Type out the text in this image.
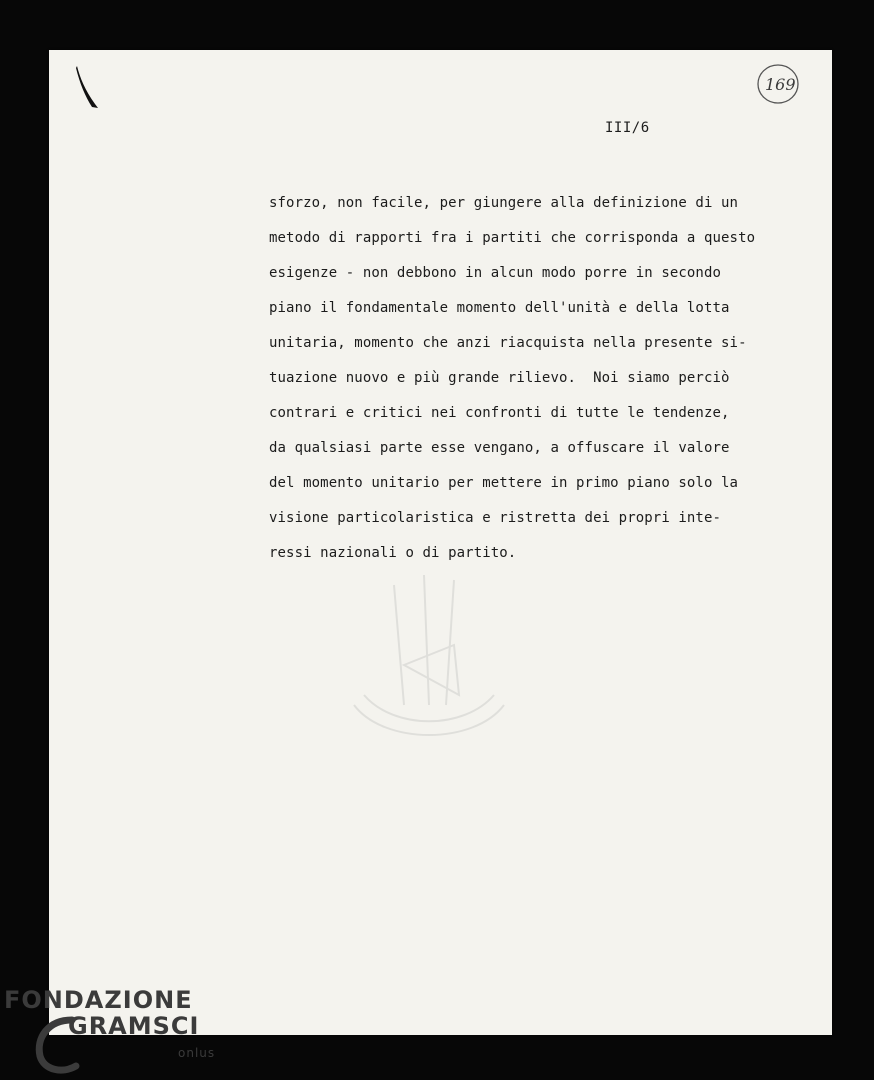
169
III/6
sforzo, non facile, per giungere alla definizione di un
metodo di rapporti fra i partiti che corrisponda a questo
esigenze - non debbono in alcun modo porre in secondo
piano il fondamentale momento dell'unità e della lotta
unitaria, momento che anzi riacquista nella presente si-
tuazione nuovo e più grande rilievo.  Noi siamo perciò
contrari e critici nei confronti di tutte le tendenze,
da qualsiasi parte esse vengano, a offuscare il valore
del momento unitario per mettere in primo piano solo la
visione particolaristica e ristretta dei propri inte-
ressi nazionali o di partito.
FONDAZIONE
GRAMSCI
onlus
